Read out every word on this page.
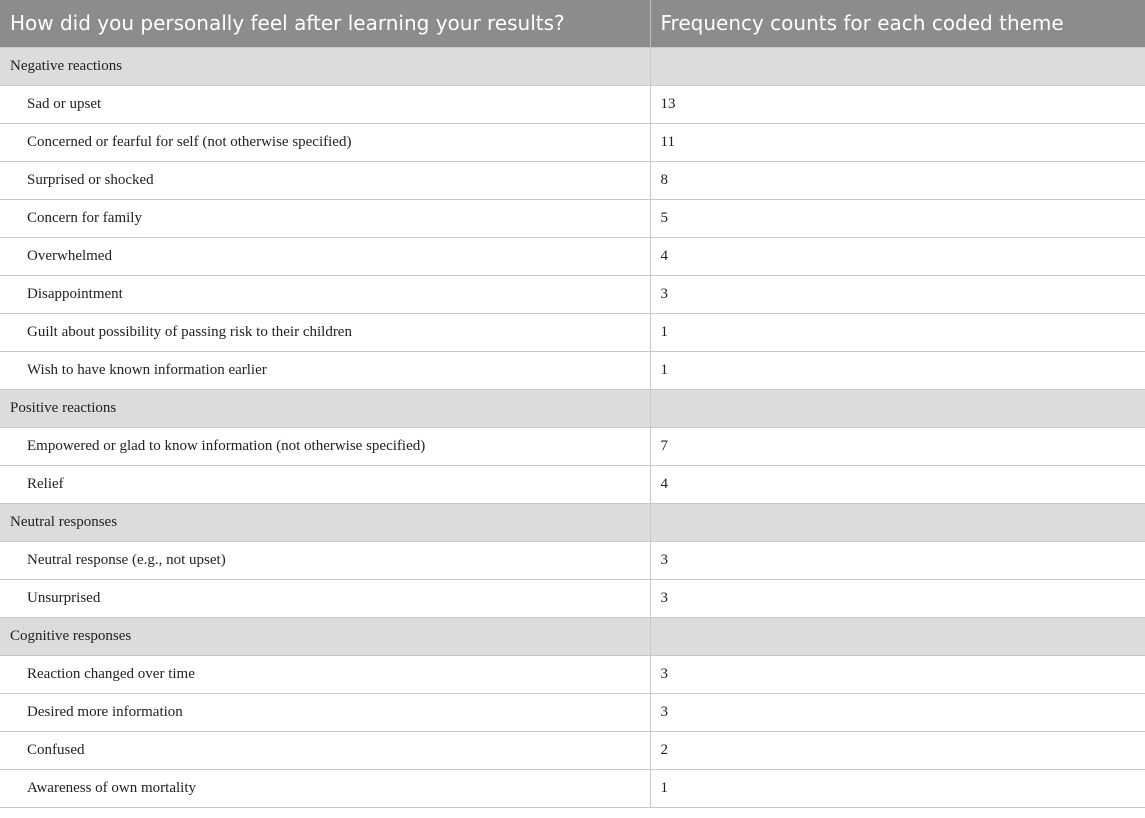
How did you personally feel after learning your results?	Frequency counts for each coded theme
Negative reactions	
Sad or upset	13
Concerned or fearful for self (not otherwise specified)	11
Surprised or shocked	8
Concern for family	5
Overwhelmed	4
Disappointment	3
Guilt about possibility of passing risk to their children	1
Wish to have known information earlier	1
Positive reactions	
Empowered or glad to know information (not otherwise specified)	7
Relief	4
Neutral responses	
Neutral response (e.g., not upset)	3
Unsurprised	3
Cognitive responses	
Reaction changed over time	3
Desired more information	3
Confused	2
Awareness of own mortality	1
